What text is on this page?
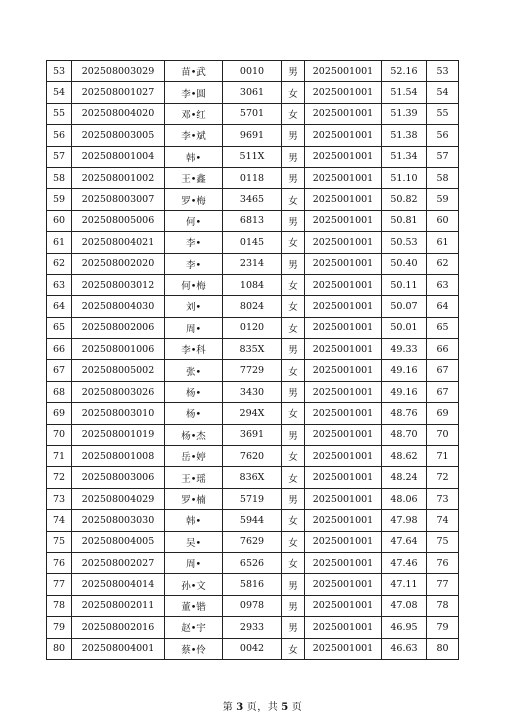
53	202508003029	苗•武	0010	男	2025001001	52.16	53
54	202508001027	李•圆	3061	女	2025001001	51.54	54
55	202508004020	邓•红	5701	女	2025001001	51.39	55
56	202508003005	李•斌	9691	男	2025001001	51.38	56
57	202508001004	韩•	511X	男	2025001001	51.34	57
58	202508001002	王•鑫	0118	男	2025001001	51.10	58
59	202508003007	罗•梅	3465	女	2025001001	50.82	59
60	202508005006	何•	6813	男	2025001001	50.81	60
61	202508004021	李•	0145	女	2025001001	50.53	61
62	202508002020	李•	2314	男	2025001001	50.40	62
63	202508003012	何•梅	1084	女	2025001001	50.11	63
64	202508004030	刘•	8024	女	2025001001	50.07	64
65	202508002006	周•	0120	女	2025001001	50.01	65
66	202508001006	李•科	835X	男	2025001001	49.33	66
67	202508005002	张•	7729	女	2025001001	49.16	67
68	202508003026	杨•	3430	男	2025001001	49.16	67
69	202508003010	杨•	294X	女	2025001001	48.76	69
70	202508001019	杨•杰	3691	男	2025001001	48.70	70
71	202508001008	岳•婷	7620	女	2025001001	48.62	71
72	202508003006	王•瑶	836X	女	2025001001	48.24	72
73	202508004029	罗•楠	5719	男	2025001001	48.06	73
74	202508003030	韩•	5944	女	2025001001	47.98	74
75	202508004005	吴•	7629	女	2025001001	47.64	75
76	202508002027	周•	6526	女	2025001001	47.46	76
77	202508004014	孙•文	5816	男	2025001001	47.11	77
78	202508002011	董•锴	0978	男	2025001001	47.08	78
79	202508002016	赵•宇	2933	男	2025001001	46.95	79
80	202508004001	蔡•伶	0042	女	2025001001	46.63	80
第 3 页，共 5 页
